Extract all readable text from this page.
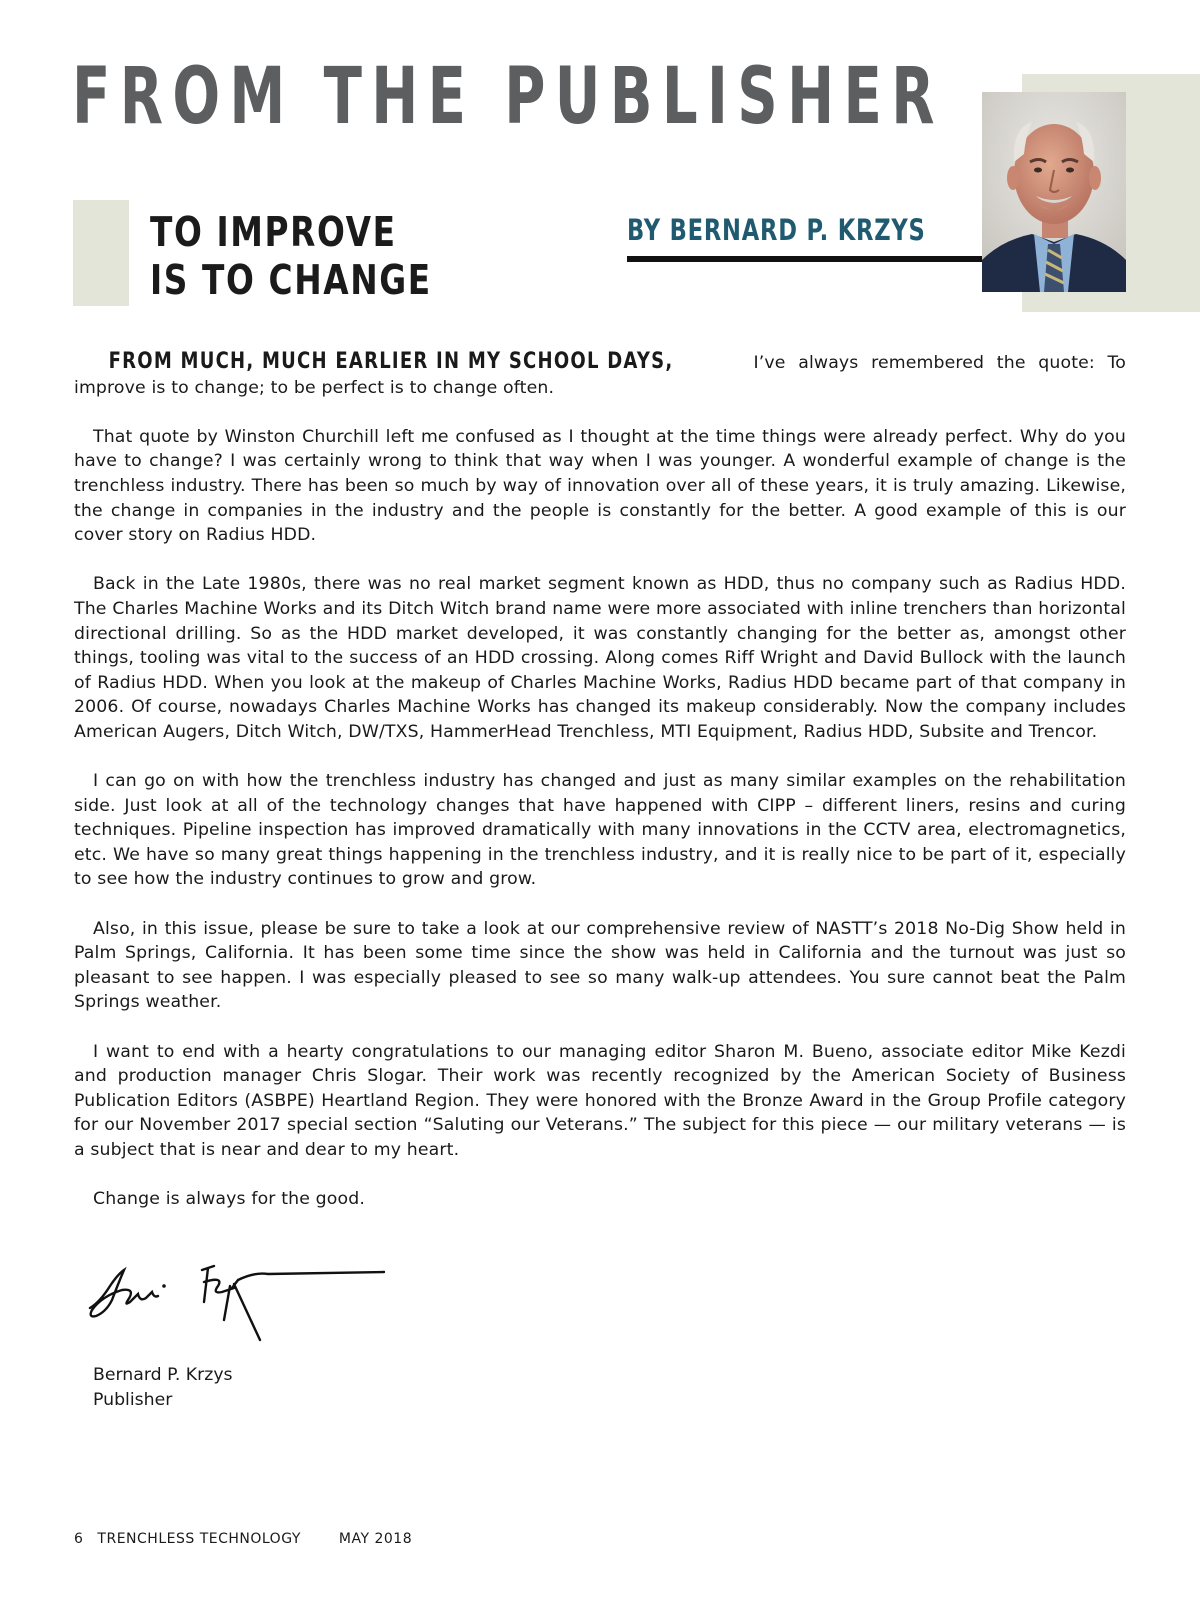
FROM THE PUBLISHER
TO IMPROVE
IS TO CHANGE
BY BERNARD P. KRZYS

FROM MUCH, MUCH EARLIER IN MY SCHOOL DAYS,	I’ve always remembered the quote: To improve is to change; to be perfect is to change often.

That quote by Winston Churchill left me confused as I thought at the time things were already perfect. Why do you have to change? I was certainly wrong to think that way when I was younger. A wonderful example of change is the trenchless industry. There has been so much by way of innovation over all of these years, it is truly amazing. Likewise, the change in companies in the industry and the people is constantly for the better. A good example of this is our cover story on Radius HDD.

Back in the Late 1980s, there was no real market segment known as HDD, thus no company such as Radius HDD. The Charles Machine Works and its Ditch Witch brand name were more associated with inline trenchers than horizontal directional drilling. So as the HDD market developed, it was constantly changing for the better as, amongst other things, tooling was vital to the success of an HDD crossing. Along comes Riff Wright and David Bullock with the launch of Radius HDD. When you look at the makeup of Charles Machine Works, Radius HDD became part of that company in 2006. Of course, nowadays Charles Machine Works has changed its makeup considerably. Now the company includes American Augers, Ditch Witch, DW/TXS, HammerHead Trenchless, MTI Equipment, Radius HDD, Subsite and Trencor.

I can go on with how the trenchless industry has changed and just as many similar examples on the rehabilitation side. Just look at all of the technology changes that have happened with CIPP – different liners, resins and curing techniques. Pipeline inspection has improved dramatically with many innovations in the CCTV area, electromagnetics, etc. We have so many great things happening in the trenchless industry, and it is really nice to be part of it, especially to see how the industry continues to grow and grow.

Also, in this issue, please be sure to take a look at our comprehensive review of NASTT’s 2018 No-Dig Show held in Palm Springs, California. It has been some time since the show was held in California and the turnout was just so pleasant to see happen. I was especially pleased to see so many walk-up attendees. You sure cannot beat the Palm Springs weather.

I want to end with a hearty congratulations to our managing editor Sharon M. Bueno, associate editor Mike Kezdi and production manager Chris Slogar. Their work was recently recognized by the American Society of Business Publication Editors (ASBPE) Heartland Region. They were honored with the Bronze Award in the Group Profile category for our November 2017 special section “Saluting our Veterans.” The subject for this piece — our military veterans — is a subject that is near and dear to my heart.

Change is always for the good.

Bernard P. Krzys
Publisher
6 TRENCHLESS TECHNOLOGY	MAY 2018
